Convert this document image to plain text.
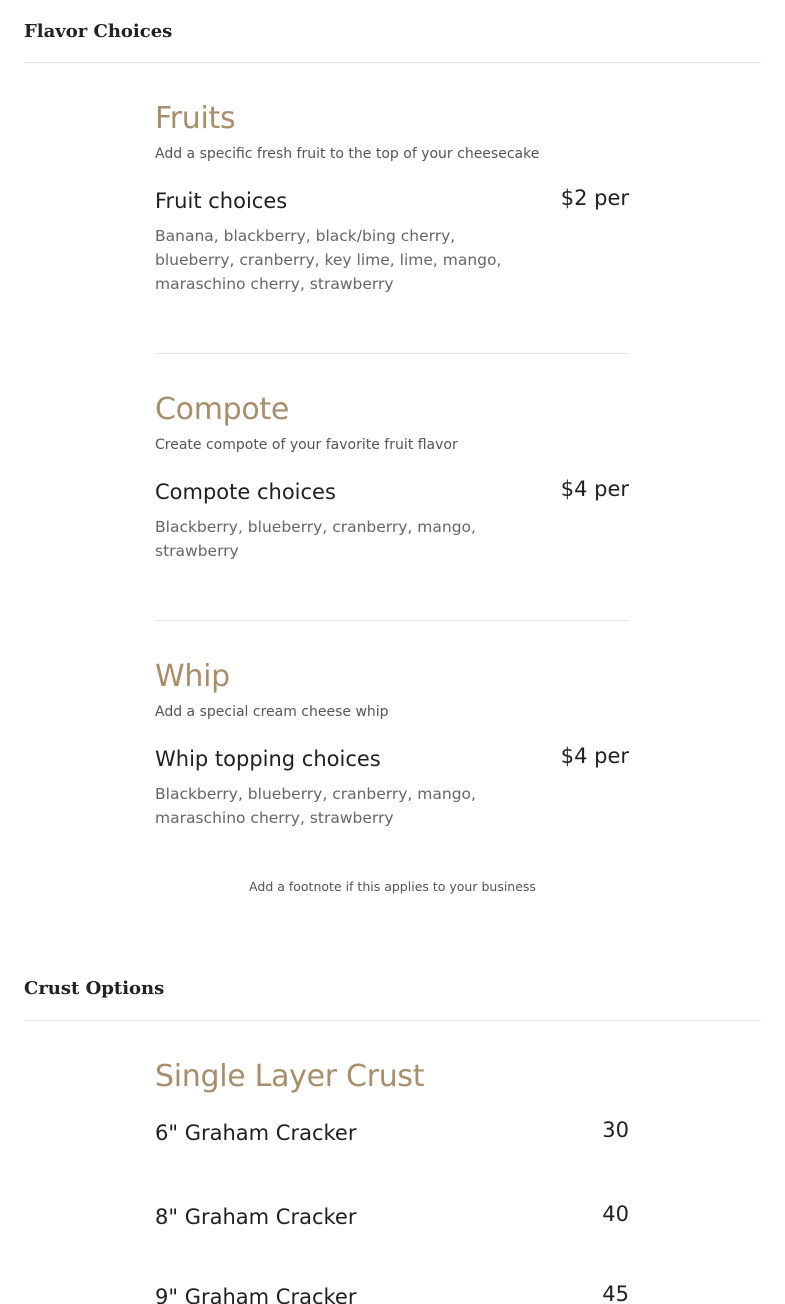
Flavor Choices
Fruits
Add a specific fresh fruit to the top of your cheesecake
Fruit choices	$2 per
Banana, blackberry, black/bing cherry, blueberry, cranberry, key lime, lime, mango, maraschino cherry, strawberry
Compote
Create compote of your favorite fruit flavor
Compote choices	$4 per
Blackberry, blueberry, cranberry, mango, strawberry
Whip
Add a special cream cheese whip
Whip topping choices	$4 per
Blackberry, blueberry, cranberry, mango, maraschino cherry, strawberry
Add a footnote if this applies to your business
Crust Options
Single Layer Crust
6" Graham Cracker	30
8" Graham Cracker	40
9" Graham Cracker	45
